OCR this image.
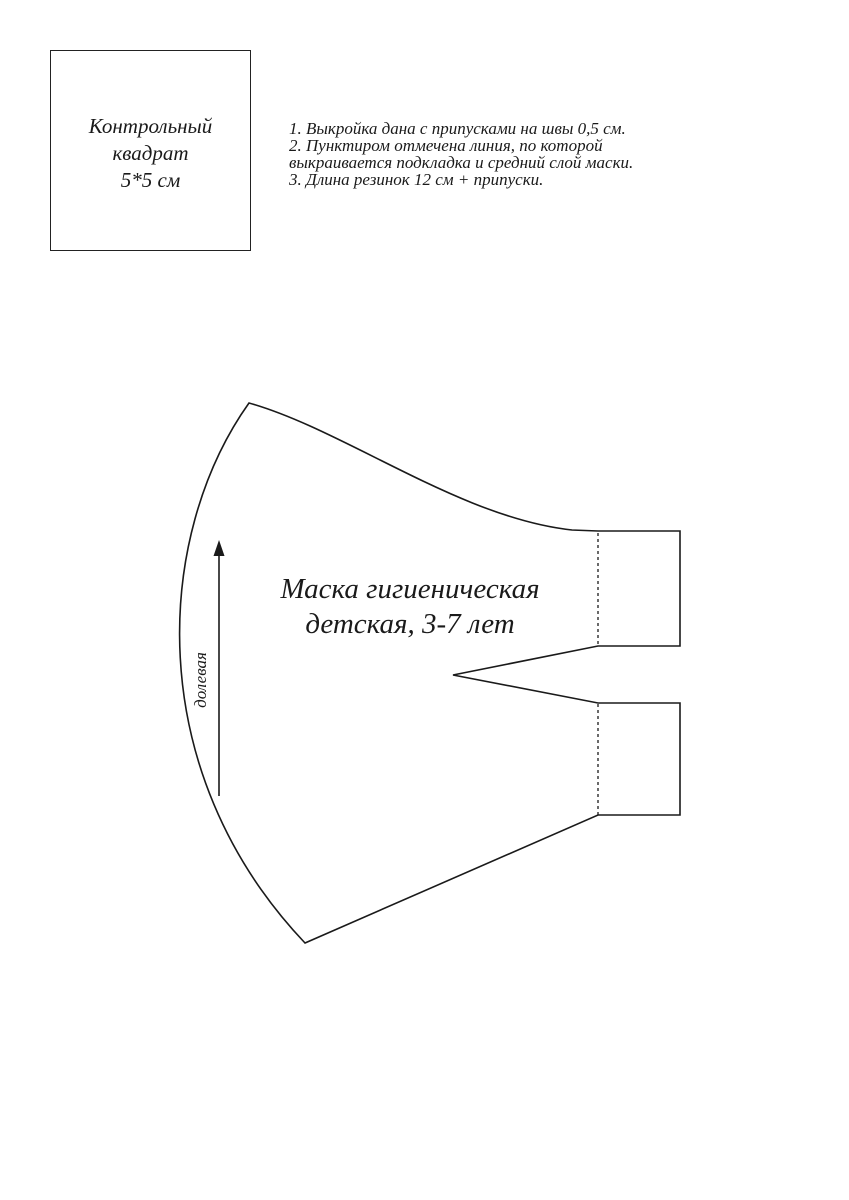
Контрольный
квадрат
5*5 см
1. Выкройка дана с припусками на швы 0,5 см.
2. Пунктиром отмечена линия, по которой
выкраивается подкладка и средний слой маски.
3. Длина резинок 12 см + припуски.
Маска гигиеническая
детская, 3-7 лет
долевая
